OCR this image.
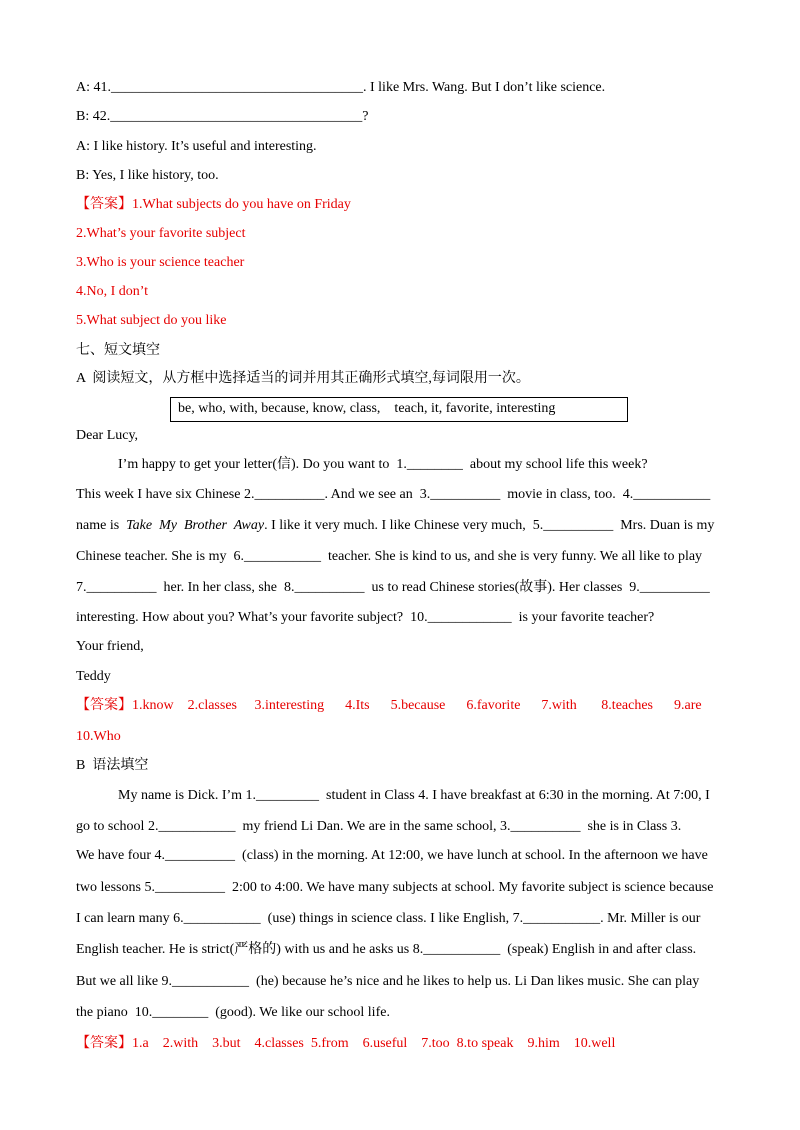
A: 41.____________________________________. I like Mrs. Wang. But I don’t like science.
B: 42.____________________________________?
A: I like history. It’s useful and interesting.
B: Yes, I like history, too.
【答案】1.What subjects do you have on Friday
2.What’s your favorite subject
3.Who is your science teacher
4.No, I don’t
5.What subject do you like
七、短文填空
A  阅读短文，从方框中选择适当的词并用其正确形式填空,每词限用一次。
be, who, with, because, know, class,    teach, it, favorite, interesting
Dear Lucy,
I’m happy to get your letter(信). Do you want to  1.________  about my school life this week?
This week I have six Chinese 2.__________. And we see an  3.__________  movie in class, too.  4.___________
name is  Take  My  Brother  Away. I like it very much. I like Chinese very much,  5.__________  Mrs. Duan is my
Chinese teacher. She is my  6.___________  teacher. She is kind to us, and she is very funny. We all like to play
7.__________  her. In her class, she  8.__________  us to read Chinese stories(故事). Her classes  9.__________
interesting. How about you? What’s your favorite subject?  10.____________  is your favorite teacher?
Your friend,
Teddy
【答案】1.know    2.classes     3.interesting      4.Its      5.because      6.favorite      7.with       8.teaches      9.are
10.Who
B  语法填空
My name is Dick. I’m 1._________  student in Class 4. I have breakfast at 6:30 in the morning. At 7:00, I
go to school 2.___________  my friend Li Dan. We are in the same school, 3.__________  she is in Class 3.
We have four 4.__________  (class) in the morning. At 12:00, we have lunch at school. In the afternoon we have
two lessons 5.__________  2:00 to 4:00. We have many subjects at school. My favorite subject is science because
I can learn many 6.___________  (use) things in science class. I like English, 7.___________. Mr. Miller is our
English teacher. He is strict(严格的) with us and he asks us 8.___________  (speak) English in and after class.
But we all like 9.___________  (he) because he’s nice and he likes to help us. Li Dan likes music. She can play
the piano  10.________  (good). We like our school life.
【答案】1.a    2.with    3.but    4.classes  5.from    6.useful    7.too  8.to speak    9.him    10.well
